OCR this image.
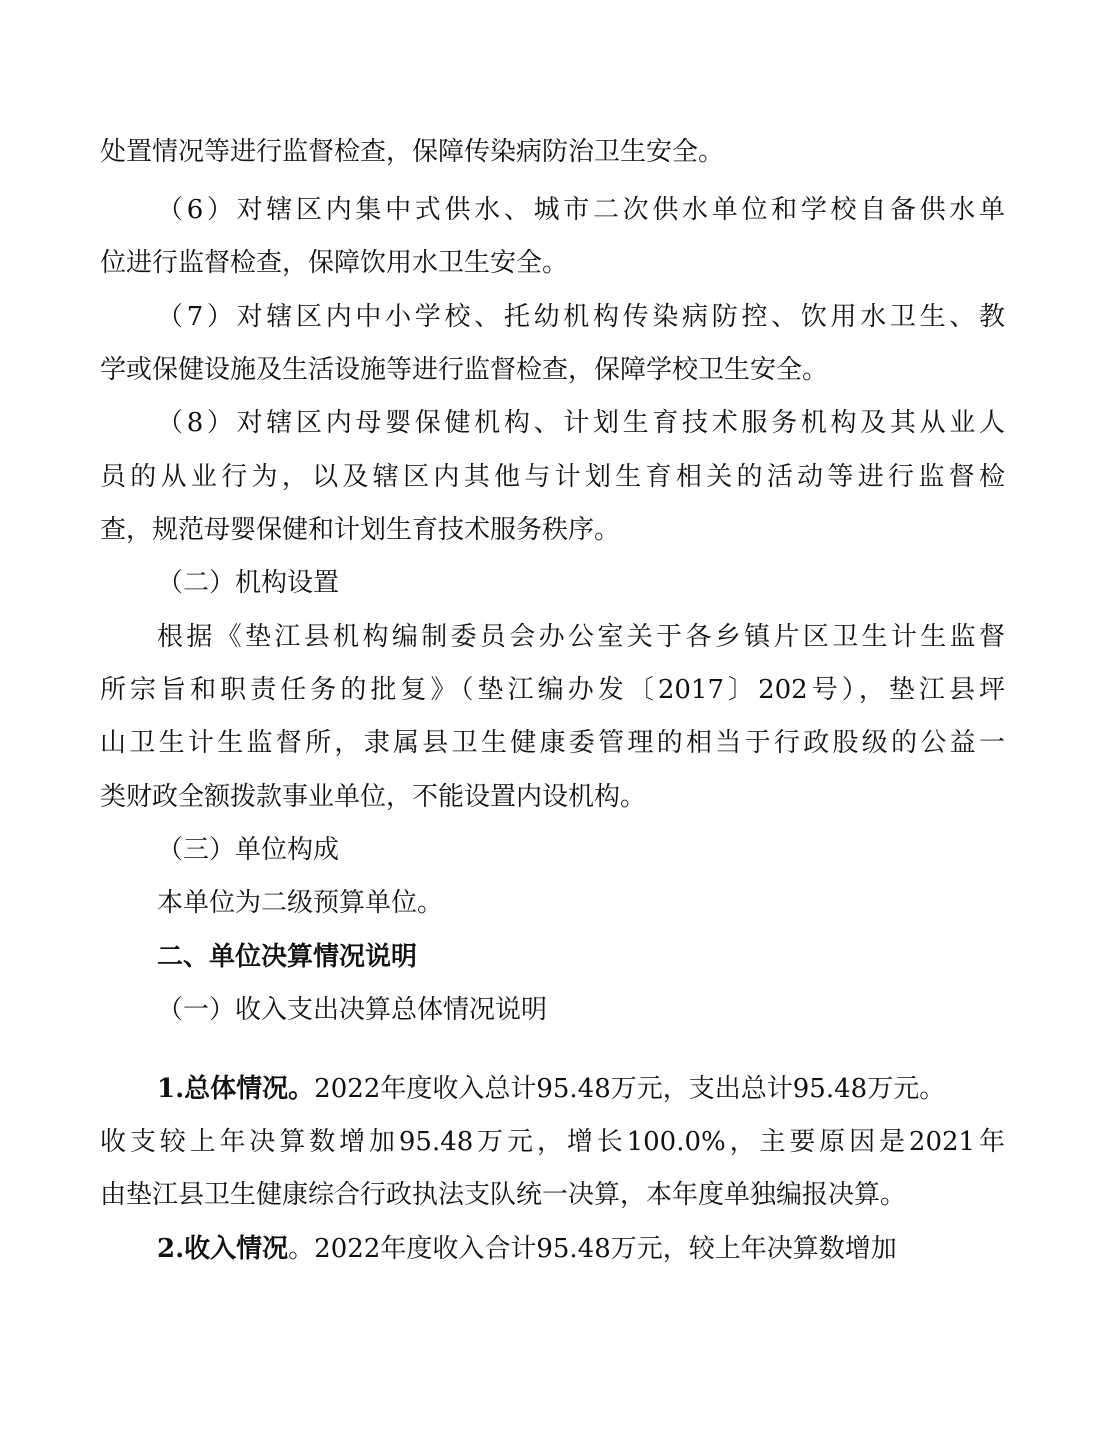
处置情况等进行监督检查，保障传染病防治卫生安全。
（6）对辖区内集中式供水、城市二次供水单位和学校自备供水单
位进行监督检查，保障饮用水卫生安全。
（7）对辖区内中小学校、托幼机构传染病防控、饮用水卫生、教
学或保健设施及生活设施等进行监督检查，保障学校卫生安全。
（8）对辖区内母婴保健机构、计划生育技术服务机构及其从业人
员的从业行为，以及辖区内其他与计划生育相关的活动等进行监督检
查，规范母婴保健和计划生育技术服务秩序。
（二）机构设置
根据《垫江县机构编制委员会办公室关于各乡镇片区卫生计生监督
所宗旨和职责任务的批复》（垫江编办发〔2017〕202号），垫江县坪
山卫生计生监督所，隶属县卫生健康委管理的相当于行政股级的公益一
类财政全额拨款事业单位，不能设置内设机构。
（三）单位构成
本单位为二级预算单位。
二、单位决算情况说明
（一）收入支出决算总体情况说明
1.总体情况。2022年度收入总计95.48万元，支出总计95.48万元。
收支较上年决算数增加95.48万元，增长100.0%，主要原因是2021年
由垫江县卫生健康综合行政执法支队统一决算，本年度单独编报决算。
2.收入情况。2022年度收入合计95.48万元，较上年决算数增加
